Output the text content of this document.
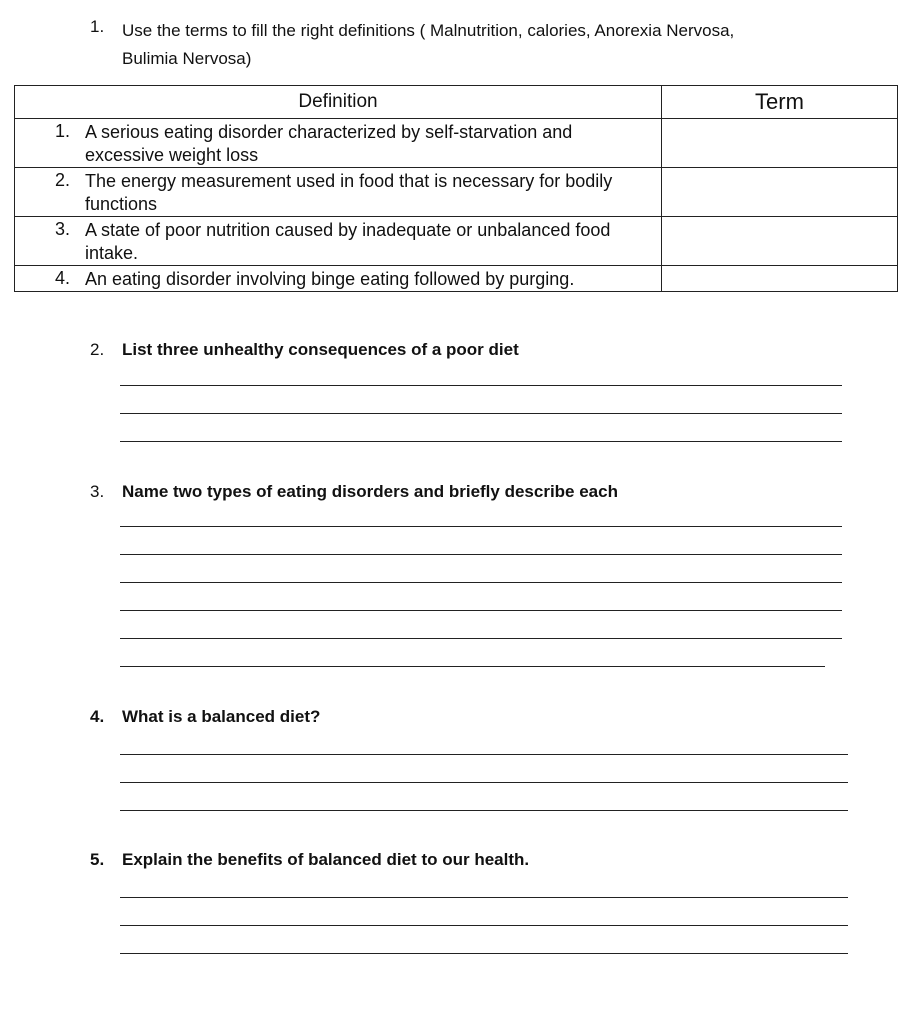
1. Use the terms to fill the right definitions ( Malnutrition, calories, Anorexia Nervosa, Bulimia Nervosa)
Definition	Term

1. A serious eating disorder characterized by self-starvation and excessive weight loss	

2. The energy measurement used in food that is necessary for bodily functions	

3. A state of poor nutrition caused by inadequate or unbalanced food intake.	

4. An eating disorder involving binge eating followed by purging.	

2. List three unhealthy consequences of a poor diet
3. Name two types of eating disorders and briefly describe each
4. What is a balanced diet?
5. Explain the benefits of balanced diet to our health.
